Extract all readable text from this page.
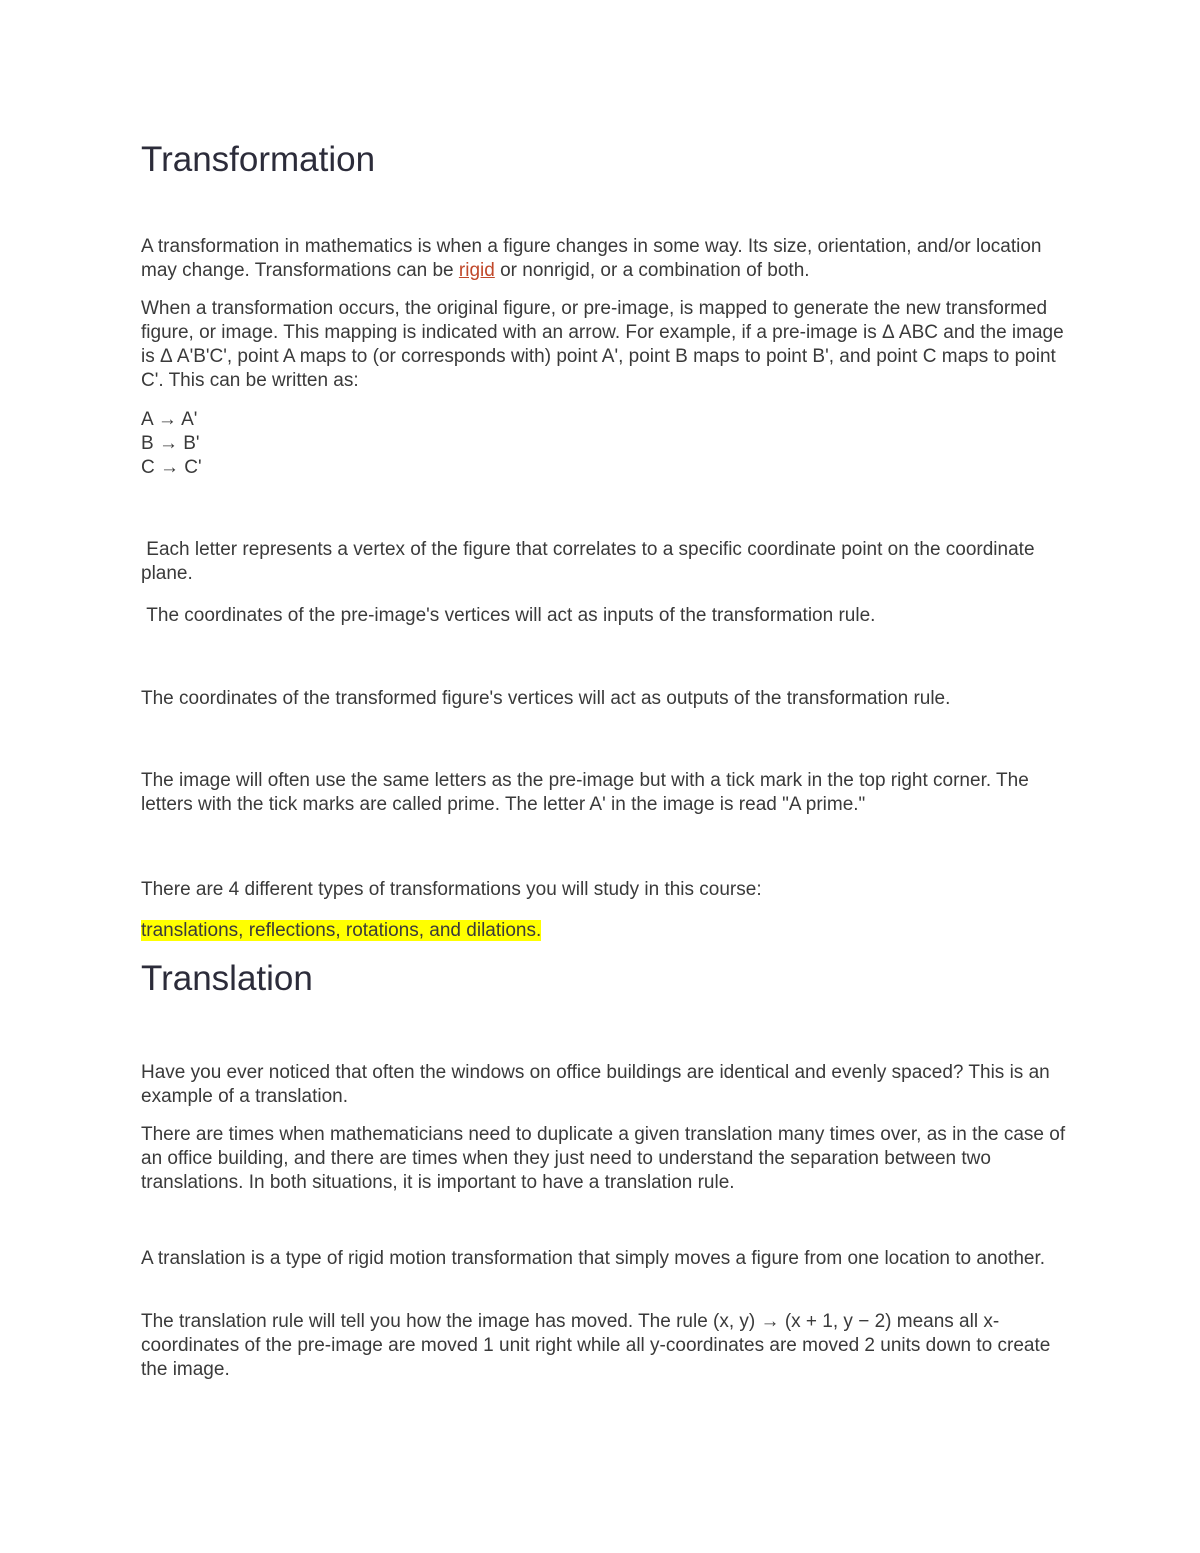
Transformation

A transformation in mathematics is when a figure changes in some way. Its size, orientation, and/or location may change. Transformations can be rigid or nonrigid, or a combination of both.

When a transformation occurs, the original figure, or pre-image, is mapped to generate the new transformed figure, or image. This mapping is indicated with an arrow. For example, if a pre-image is Δ ABC and the image is Δ A'B'C', point A maps to (or corresponds with) point A', point B maps to point B', and point C maps to point C'. This can be written as:

A → A'
B → B'
C → C'

Each letter represents a vertex of the figure that correlates to a specific coordinate point on the coordinate plane.

The coordinates of the pre-image's vertices will act as inputs of the transformation rule.

The coordinates of the transformed figure's vertices will act as outputs of the transformation rule.

The image will often use the same letters as the pre-image but with a tick mark in the top right corner. The letters with the tick marks are called prime. The letter A' in the image is read "A prime."

There are 4 different types of transformations you will study in this course:

translations, reflections, rotations, and dilations.

Translation

Have you ever noticed that often the windows on office buildings are identical and evenly spaced? This is an example of a translation.

There are times when mathematicians need to duplicate a given translation many times over, as in the case of an office building, and there are times when they just need to understand the separation between two translations. In both situations, it is important to have a translation rule.

A translation is a type of rigid motion transformation that simply moves a figure from one location to another.

The translation rule will tell you how the image has moved. The rule (x, y) → (x + 1, y − 2) means all x-coordinates of the pre-image are moved 1 unit right while all y-coordinates are moved 2 units down to create the image.
